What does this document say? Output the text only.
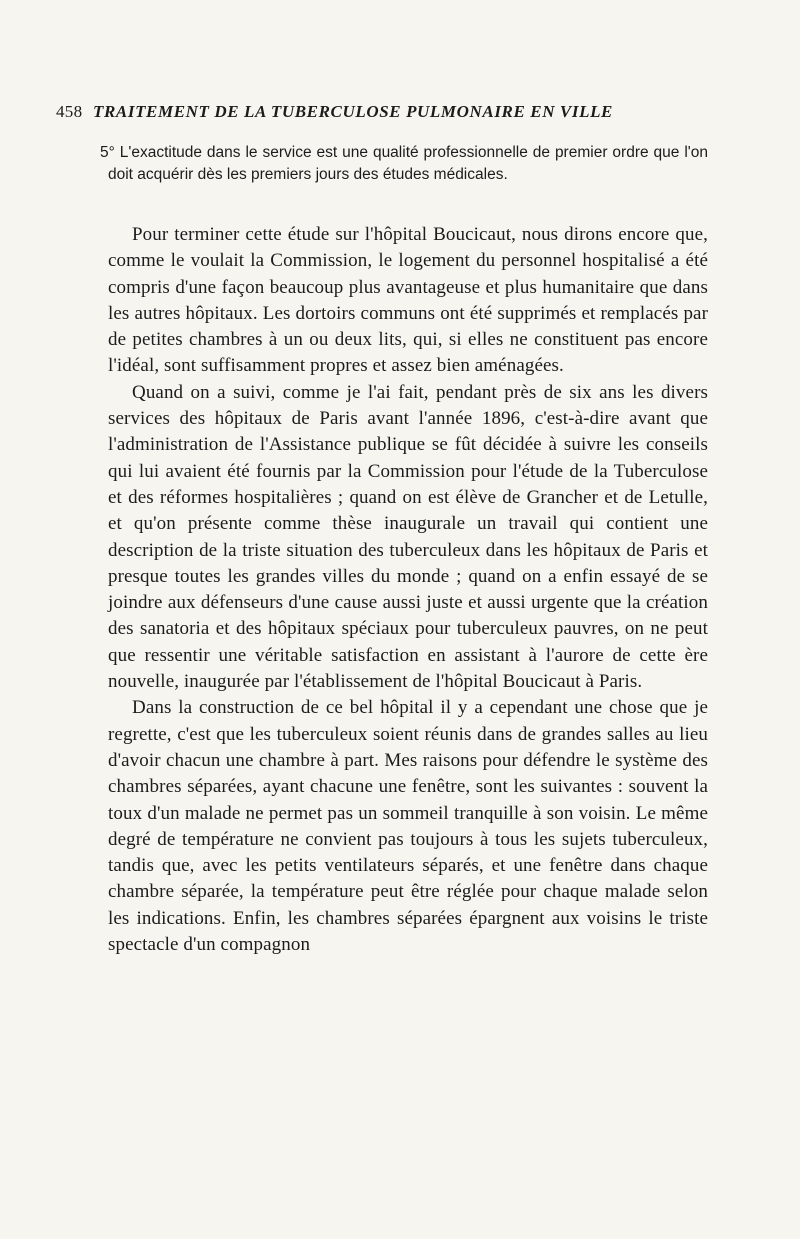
458 TRAITEMENT DE LA TUBERCULOSE PULMONAIRE EN VILLE
5° L'exactitude dans le service est une qualité professionnelle de premier ordre que l'on doit acquérir dès les premiers jours des études médicales.

Pour terminer cette étude sur l'hôpital Boucicaut, nous dirons encore que, comme le voulait la Commission, le logement du personnel hospitalisé a été compris d'une façon beaucoup plus avantageuse et plus humanitaire que dans les autres hôpitaux. Les dortoirs communs ont été supprimés et remplacés par de petites chambres à un ou deux lits, qui, si elles ne constituent pas encore l'idéal, sont suffisamment propres et assez bien aménagées.

Quand on a suivi, comme je l'ai fait, pendant près de six ans les divers services des hôpitaux de Paris avant l'année 1896, c'est-à-dire avant que l'administration de l'Assistance publique se fût décidée à suivre les conseils qui lui avaient été fournis par la Commission pour l'étude de la Tuberculose et des réformes hospitalières ; quand on est élève de Grancher et de Letulle, et qu'on présente comme thèse inaugurale un travail qui contient une description de la triste situation des tuberculeux dans les hôpitaux de Paris et presque toutes les grandes villes du monde ; quand on a enfin essayé de se joindre aux défenseurs d'une cause aussi juste et aussi urgente que la création des sanatoria et des hôpitaux spéciaux pour tuberculeux pauvres, on ne peut que ressentir une véritable satisfaction en assistant à l'aurore de cette ère nouvelle, inaugurée par l'établissement de l'hôpital Boucicaut à Paris.

Dans la construction de ce bel hôpital il y a cependant une chose que je regrette, c'est que les tuberculeux soient réunis dans de grandes salles au lieu d'avoir chacun une chambre à part. Mes raisons pour défendre le système des chambres séparées, ayant chacune une fenêtre, sont les suivantes : souvent la toux d'un malade ne permet pas un sommeil tranquille à son voisin. Le même degré de température ne convient pas toujours à tous les sujets tuberculeux, tandis que, avec les petits ventilateurs séparés, et une fenêtre dans chaque chambre séparée, la température peut être réglée pour chaque malade selon les indications. Enfin, les chambres séparées épargnent aux voisins le triste spectacle d'un compagnon
